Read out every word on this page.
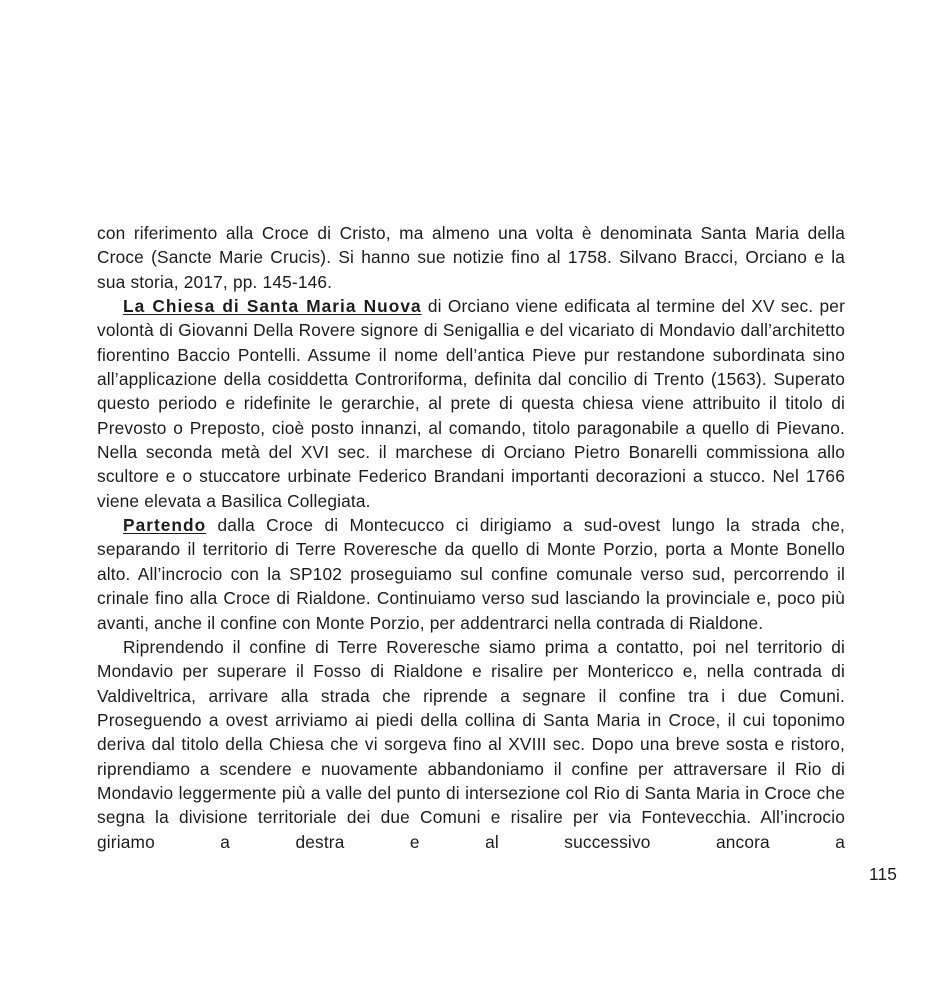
con riferimento alla Croce di Cristo, ma almeno una volta è denominata Santa Maria della Croce (Sancte Marie Crucis). Si hanno sue notizie fino al 1758. Silvano Bracci, Orciano e la sua storia, 2017, pp. 145-146.

La Chiesa di Santa Maria Nuova di Orciano viene edificata al termine del XV sec. per volontà di Giovanni Della Rovere signore di Senigallia e del vicariato di Mondavio dall’architetto fiorentino Baccio Pontelli. Assume il nome dell’antica Pieve pur restandone subordinata sino all’applicazione della cosiddetta Controriforma, definita dal concilio di Trento (1563). Superato questo periodo e ridefinite le gerarchie, al prete di questa chiesa viene attribuito il titolo di Prevosto o Preposto, cioè posto innanzi, al comando, titolo paragonabile a quello di Pievano. Nella seconda metà del XVI sec. il marchese di Orciano Pietro Bonarelli commissiona allo scultore e o stuccatore urbinate Federico Brandani importanti decorazioni a stucco. Nel 1766 viene elevata a Basilica Collegiata.

Partendo dalla Croce di Montecucco ci dirigiamo a sud-ovest lungo la strada che, separando il territorio di Terre Roveresche da quello di Monte Porzio, porta a Monte Bonello alto. All’incrocio con la SP102 proseguiamo sul confine comunale verso sud, percorrendo il crinale fino alla Croce di Rialdone. Continuiamo verso sud lasciando la provinciale e, poco più avanti, anche il confine con Monte Porzio, per addentrarci nella contrada di Rialdone.

Riprendendo il confine di Terre Roveresche siamo prima a contatto, poi nel territorio di Mondavio per superare il Fosso di Rialdone e risalire per Montericco e, nella contrada di Valdiveltrica, arrivare alla strada che riprende a segnare il confine tra i due Comuni. Proseguendo a ovest arriviamo ai piedi della collina di Santa Maria in Croce, il cui toponimo deriva dal titolo della Chiesa che vi sorgeva fino al XVIII sec. Dopo una breve sosta e ristoro, riprendiamo a scendere e nuovamente abbandoniamo il confine per attraversare il Rio di Mondavio leggermente più a valle del punto di intersezione col Rio di Santa Maria in Croce che segna la divisione territoriale dei due Comuni e risalire per via Fontevecchia. All’incrocio giriamo a destra e al successivo ancora a

115
